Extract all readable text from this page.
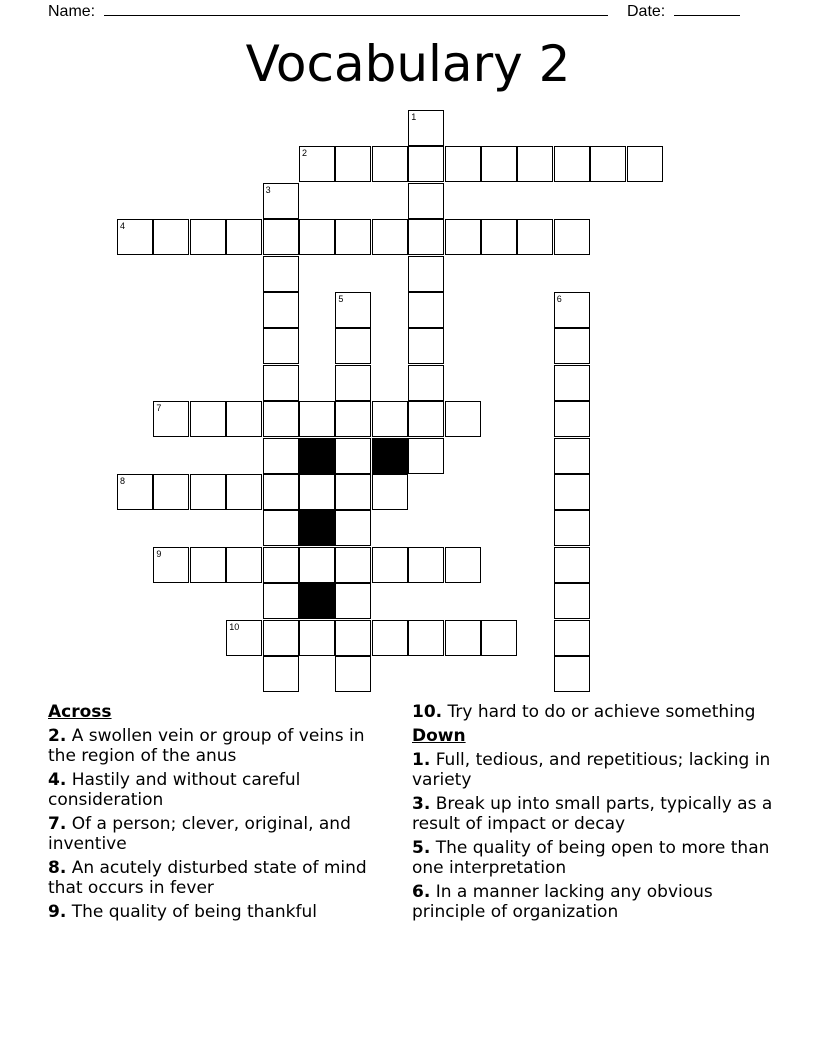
Name:	Date:
Vocabulary 2
2
4
7
8
9
10
1
3
5	6
Across
2. A swollen vein or group of veins in the region of the anus
4. Hastily and without careful consideration
7. Of a person; clever, original, and inventive
8. An acutely disturbed state of mind that occurs in fever
9. The quality of being thankful
10. Try hard to do or achieve something
Down
1. Full, tedious, and repetitious; lacking in variety
3. Break up into small parts, typically as a result of impact or decay
5. The quality of being open to more than one interpretation
6. In a manner lacking any obvious principle of organization
